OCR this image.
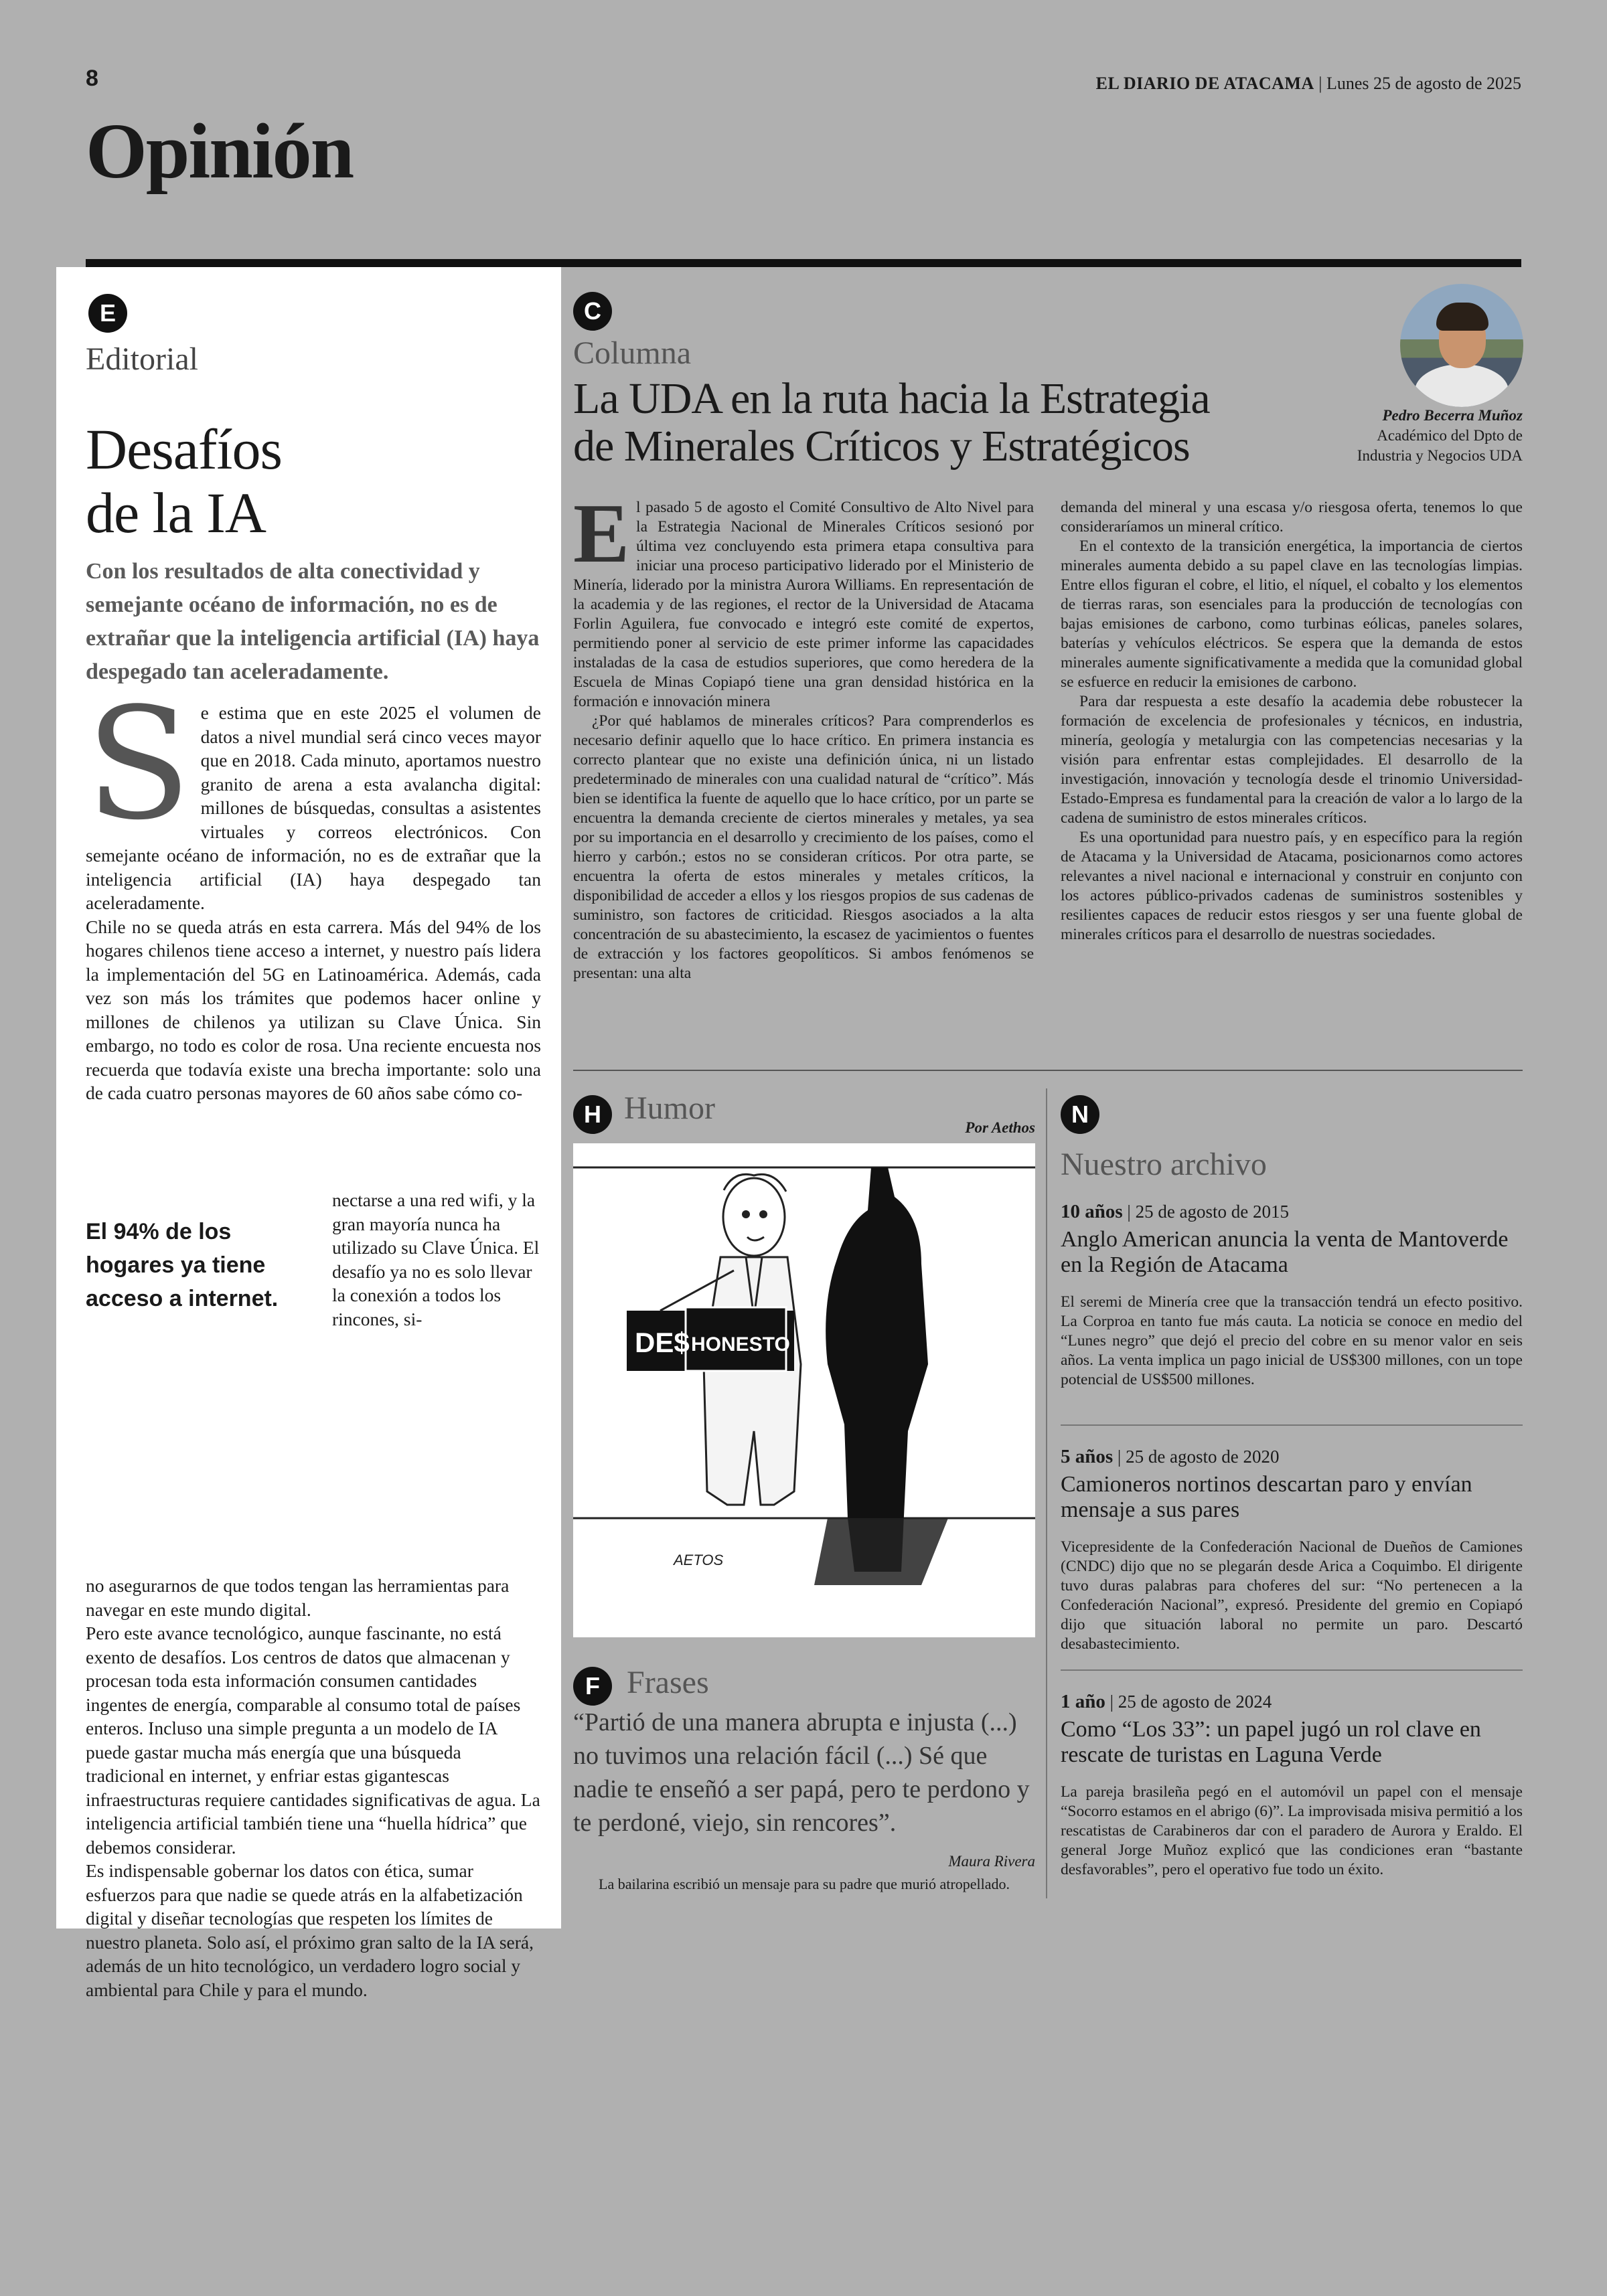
8	EL DIARIO DE ATACAMA | Lunes 25 de agosto de 2025
Opinión
E
Editorial
Desafíos
de la IA
Con los resultados de alta conectividad y semejante océano de información, no es de extrañar que la inteligencia artificial (IA) haya despegado tan aceleradamente.
S e estima que en este 2025 el volumen de datos a nivel mundial será cinco veces mayor que en 2018. Cada minuto, aportamos nuestro granito de arena a esta avalancha digital: millones de búsquedas, consultas a asistentes virtuales y correos electrónicos. Con semejante océano de información, no es de extrañar que la inteligencia artificial (IA) haya despegado tan aceleradamente.

Chile no se queda atrás en esta carrera. Más del 94% de los hogares chilenos tiene acceso a internet, y nuestro país lidera la implementación del 5G en Latinoamérica. Además, cada vez son más los trámites que podemos hacer online y millones de chilenos ya utilizan su Clave Única. Sin embargo, no todo es color de rosa. Una reciente encuesta nos recuerda que todavía existe una brecha importante: solo una de cada cuatro personas mayores de 60 años sabe cómo co-

El 94% de los hogares ya tiene acceso a internet.
nectarse a una red wifi, y la gran mayoría nunca ha utilizado su Clave Única. El desafío ya no es solo llevar la conexión a todos los rincones, si-

no asegurarnos de que todos tengan las herramientas para navegar en este mundo digital.

Pero este avance tecnológico, aunque fascinante, no está exento de desafíos. Los centros de datos que almacenan y procesan toda esta información consumen cantidades ingentes de energía, comparable al consumo total de países enteros. Incluso una simple pregunta a un modelo de IA puede gastar mucha más energía que una búsqueda tradicional en internet, y enfriar estas gigantescas infraestructuras requiere cantidades significativas de agua. La inteligencia artificial también tiene una “huella hídrica” que debemos considerar.

Es indispensable gobernar los datos con ética, sumar esfuerzos para que nadie se quede atrás en la alfabetización digital y diseñar tecnologías que respeten los límites de nuestro planeta. Solo así, el próximo gran salto de la IA será, además de un hito tecnológico, un verdadero logro social y ambiental para Chile y para el mundo.

C
Columna
La UDA en la ruta hacia la Estrategia
de Minerales Críticos y Estratégicos
Pedro Becerra Muñoz
Académico del Dpto de
Industria y Negocios UDA
E l pasado 5 de agosto el Comité Consultivo de Alto Nivel para la Estrategia Nacional de Minerales Críticos sesionó por última vez concluyendo esta primera etapa consultiva para iniciar una proceso participativo liderado por el Ministerio de Minería, liderado por la ministra Aurora Williams. En representación de la academia y de las regiones, el rector de la Universidad de Atacama Forlin Aguilera, fue convocado e integró este comité de expertos, permitiendo poner al servicio de este primer informe las capacidades instaladas de la casa de estudios superiores, que como heredera de la Escuela de Minas Copiapó tiene una gran densidad histórica en la formación e innovación minera

¿Por qué hablamos de minerales críticos? Para comprenderlos es necesario definir aquello que lo hace crítico. En primera instancia es correcto plantear que no existe una definición única, ni un listado predeterminado de minerales con una cualidad natural de “crítico”. Más bien se identifica la fuente de aquello que lo hace crítico, por un parte se encuentra la demanda creciente de ciertos minerales y metales, ya sea por su importancia en el desarrollo y crecimiento de los países, como el hierro y carbón.; estos no se consideran críticos. Por otra parte, se encuentra la oferta de estos minerales y metales críticos, la disponibilidad de acceder a ellos y los riesgos propios de sus cadenas de suministro, son factores de criticidad. Riesgos asociados a la alta concentración de su abastecimiento, la escasez de yacimientos o fuentes de extracción y los factores geopolíticos. Si ambos fenómenos se presentan: una alta

demanda del mineral y una escasa y/o riesgosa oferta, tenemos lo que consideraríamos un mineral crítico.

En el contexto de la transición energética, la importancia de ciertos minerales aumenta debido a su papel clave en las tecnologías limpias. Entre ellos figuran el cobre, el litio, el níquel, el cobalto y los elementos de tierras raras, son esenciales para la producción de tecnologías con bajas emisiones de carbono, como turbinas eólicas, paneles solares, baterías y vehículos eléctricos. Se espera que la demanda de estos minerales aumente significativamente a medida que la comunidad global se esfuerce en reducir la emisiones de carbono.

Para dar respuesta a este desafío la academia debe robustecer la formación de excelencia de profesionales y técnicos, en industria, minería, geología y metalurgia con las competencias necesarias y la visión para enfrentar estas complejidades. El desarrollo de la investigación, innovación y tecnología desde el trinomio Universidad-Estado-Empresa es fundamental para la creación de valor a lo largo de la cadena de suministro de estos minerales críticos.

Es una oportunidad para nuestro país, y en específico para la región de Atacama y la Universidad de Atacama, posicionarnos como actores relevantes a nivel nacional e internacional y construir en conjunto con los actores público-privados cadenas de suministros sostenibles y resilientes capaces de reducir estos riesgos y ser una fuente global de minerales críticos para el desarrollo de nuestras sociedades.

H Humor
Por Aethos
DE$ HONESTO
AETOS
F Frases
“Partió de una manera abrupta e injusta (...) no tuvimos una relación fácil (...) Sé que nadie te enseñó a ser papá, pero te perdono y te perdoné, viejo, sin rencores”.
Maura Rivera
La bailarina escribió un mensaje para su padre que murió atropellado.
N
Nuestro archivo
10 años | 25 de agosto de 2015
Anglo American anuncia la venta de Mantoverde en la Región de Atacama
El seremi de Minería cree que la transacción tendrá un efecto positivo. La Corproa en tanto fue más cauta. La noticia se conoce en medio del “Lunes negro” que dejó el precio del cobre en su menor valor en seis años. La venta implica un pago inicial de US$300 millones, con un tope potencial de US$500 millones.
5 años | 25 de agosto de 2020
Camioneros nortinos descartan paro y envían mensaje a sus pares
Vicepresidente de la Confederación Nacional de Dueños de Camiones (CNDC) dijo que no se plegarán desde Arica a Coquimbo. El dirigente tuvo duras palabras para choferes del sur: “No pertenecen a la Confederación Nacional”, expresó. Presidente del gremio en Copiapó dijo que situación laboral no permite un paro. Descartó desabastecimiento.
1 año | 25 de agosto de 2024
Como “Los 33”: un papel jugó un rol clave en rescate de turistas en Laguna Verde
La pareja brasileña pegó en el automóvil un papel con el mensaje “Socorro estamos en el abrigo (6)”. La improvisada misiva permitió a los rescatistas de Carabineros dar con el paradero de Aurora y Eraldo. El general Jorge Muñoz explicó que las condiciones eran “bastante desfavorables”, pero el operativo fue todo un éxito.
